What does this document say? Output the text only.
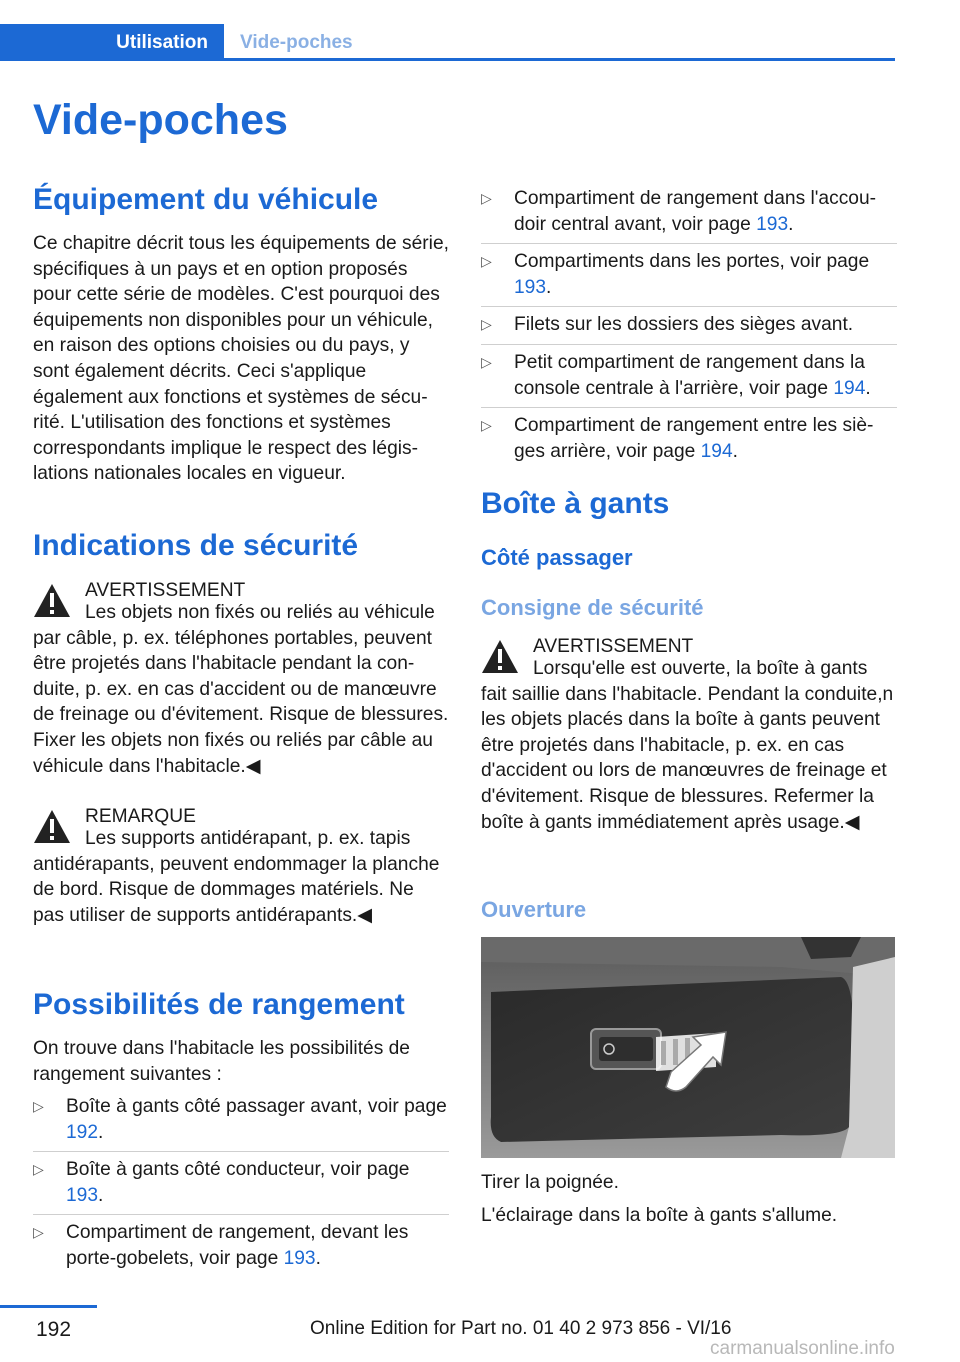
Utilisation	Vide-poches
Vide-poches
Équipement du véhicule

Ce chapitre décrit tous les équipements de série, spécifiques à un pays et en option proposés pour cette série de modèles. C'est pourquoi des équipements non disponibles pour un véhicule, en raison des options choisies ou du pays, y sont également décrits. Ceci s'applique également aux fonctions et systèmes de sécurité. L'utilisation des fonctions et systèmes correspondants implique le respect des législations nationales locales en vigueur.

Indications de sécurité
AVERTISSEMENT

Les objets non fixés ou reliés au véhicule par câble, p. ex. téléphones portables, peuvent être projetés dans l'habitacle pendant la conduite, p. ex. en cas d'accident ou de manœuvre de freinage ou d'évitement. Risque de blessures. Fixer les objets non fixés ou reliés par câble au véhicule dans l'habitacle.◀

REMARQUE

Les supports antidérapant, p. ex. tapis antidérapants, peuvent endommager la planche de bord. Risque de dommages matériels. Ne pas utiliser de supports antidérapants.◀

Possibilités de rangement

On trouve dans l'habitacle les possibilités de rangement suivantes :

▷ Boîte à gants côté passager avant, voir page 192.
▷ Boîte à gants côté conducteur, voir page 193.
▷ Compartiment de rangement, devant les porte-gobelets, voir page 193.
▷ Compartiment de rangement dans l'accoudoir central avant, voir page 193.
▷ Compartiments dans les portes, voir page 193.
▷ Filets sur les dossiers des sièges avant.
▷ Petit compartiment de rangement dans la console centrale à l'arrière, voir page 194.
▷ Compartiment de rangement entre les sièges arrière, voir page 194.
Boîte à gants
Côté passager
Consigne de sécurité
AVERTISSEMENT

Lorsqu'elle est ouverte, la boîte à gants fait saillie dans l'habitacle. Pendant la conduite,n les objets placés dans la boîte à gants peuvent être projetés dans l'habitacle, p. ex. en cas d'accident ou lors de manœuvres de freinage et d'évitement. Risque de blessures. Refermer la boîte à gants immédiatement après usage.◀

Ouverture

Tirer la poignée.

L'éclairage dans la boîte à gants s'allume.

192	Online Edition for Part no. 01 40 2 973 856 - VI/16
carmanualsonline.info
